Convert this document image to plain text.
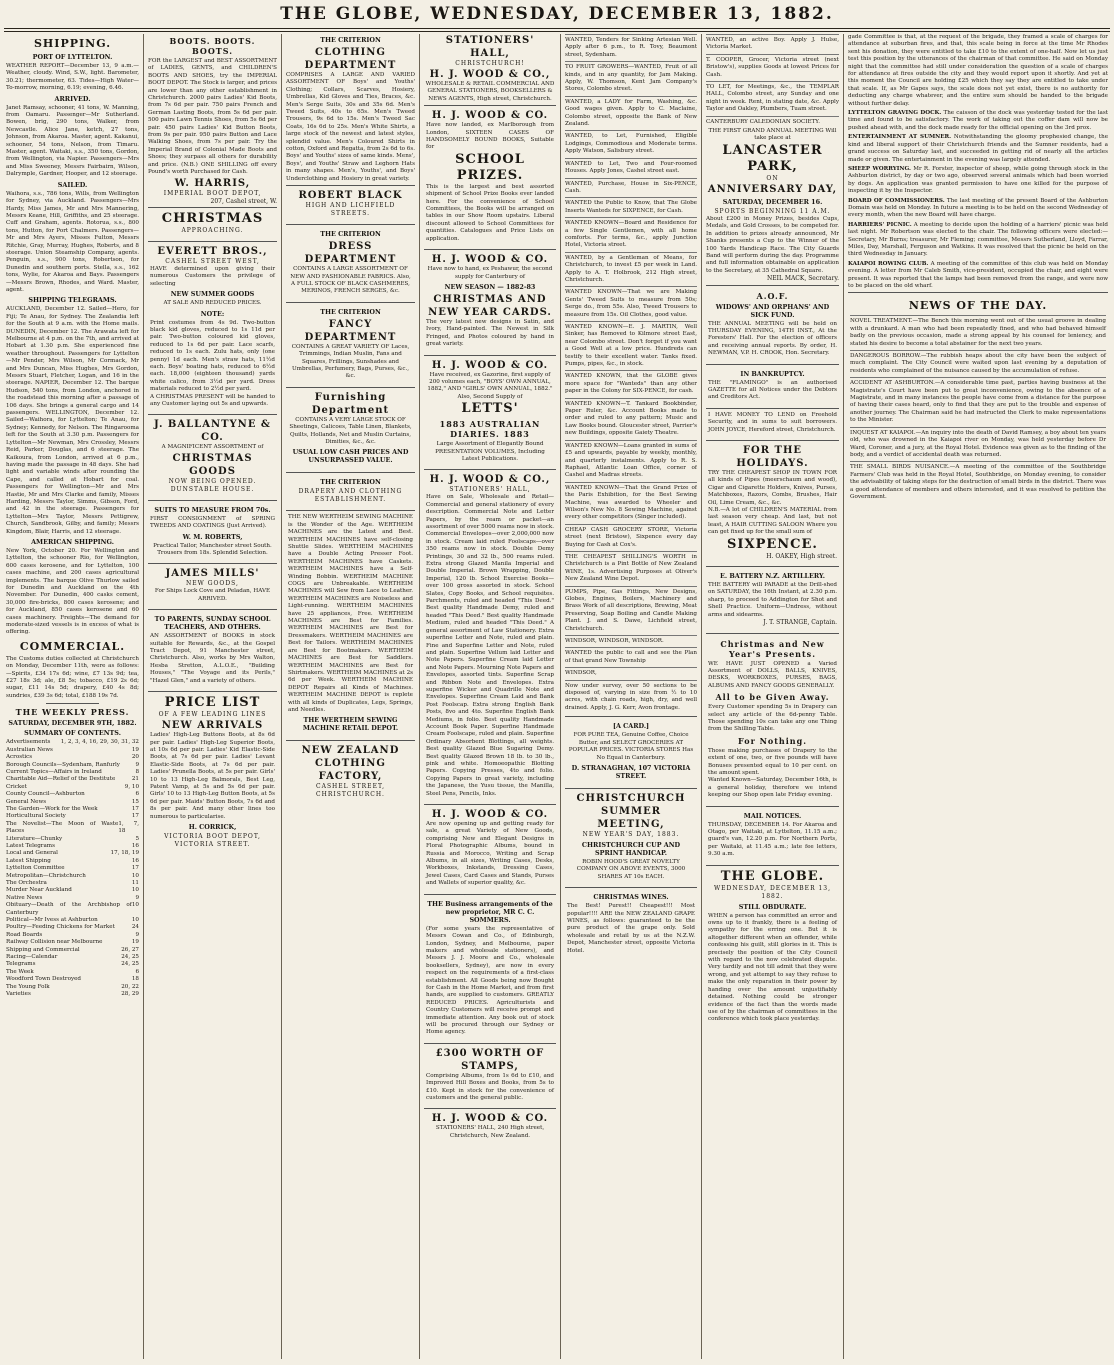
THE GLOBE, WEDNESDAY, DECEMBER 13, 1882.
SHIPPING.
PORT OF LYTTELTON.
WEATHER REPORT—December 13, 9 a.m.—Weather, cloudy. Wind, S.W., light. Barometer, 30.21; thermometer, 63. Tides—High Water—To-morrow, morning, 6.19; evening, 6.46.
ARRIVED.
Janet Ramsay, schooner, 41 tons, W. Manning, from Oamaru. Passenger—Mr Sutherland. Bowen, brig, 290 tons, Walker, from Newcastle. Alice Jane, ketch, 27 tons, Johnson, from Akaroa. Master, agent. Kakanui, schooner, 54 tons, Nelson, from Timaru. Master, agent. Waitaki, s.s., 350 tons, Gordon, from Wellington, via Napier. Passengers—Mrs and Miss Sweeney, Messrs Fairbairn, Wilson, Dalrymple, Gardner, Hooper, and 12 steerage.
SAILED.
Waihora, s.s., 786 tons, Wills, from Wellington for Sydney, via Auckland. Passengers—Mrs Hardy, Miss James, Mr and Mrs Mannering, Messrs Keane, Hill, Griffiths, and 25 steerage. Cuff and Graham, agents. Rotorua, s.s., 800 tons, Hutton, for Port Chalmers. Passengers—Mr and Mrs Ayers, Misses Fulton, Messrs Ritchie, Gray, Murray, Hughes, Roberts, and 8 steerage. Union Steamship Company, agents. Penguin, s.s., 900 tons, Robertson, for Dunedin and southern ports. Stella, s.s., 162 tons, Wylie, for Akaroa and Bays. Passengers—Messrs Brown, Rhodes, and Ward. Master, agent.
SHIPPING TELEGRAMS.
AUCKLAND, December 12. Sailed—Hero, for Fiji; Te Anau, for Sydney. The Zealandia left for the South at 9 a.m. with the Home mails. DUNEDIN, December 12. The Arawata left for Melbourne at 4 p.m. on the 7th, and arrived at Hobart at 1.30 p.m. She experienced fine weather throughout. Passengers for Lyttelton—Mr Pender, Mrs Wilson, Mr Cormack, Mr and Mrs Duncan, Miss Hughes, Mrs Gordon, Messrs Stuart, Fletcher, Logan, and 16 in the steerage. NAPIER, December 12. The barque Hudson, 540 tons, from London, anchored in the roadstead this morning after a passage of 106 days. She brings a general cargo and 14 passengers. WELLINGTON, December 12. Sailed—Waihora, for Lyttelton; Te Anau, for Sydney; Kennedy, for Nelson. The Ringarooma left for the South at 3.30 p.m. Passengers for Lyttelton—Mr Newman, Mrs Crossley, Messrs Reid, Parker, Douglas, and 6 steerage. The Kaikoura, from London, arrived at 6 p.m., having made the passage in 48 days. She had light and variable winds after rounding the Cape, and called at Hobart for coal. Passengers for Wellington—Mr and Mrs Hastie, Mr and Mrs Clarke and family, Misses Harding, Messrs Taylor, Simms, Gibson, Ford, and 42 in the steerage. Passengers for Lyttelton—Mrs Taylor, Messrs Pettigrew, Church, Sandbrook, Gilby, and family; Messrs Kingdom, Blair, Harris, and 12 steerage.
AMERICAN SHIPPING.
New York, October 20. For Wellington and Lyttelton, the schooner Rio, for Wellington, 600 cases kerosene, and for Lyttelton, 100 cases machine, and 200 cases agricultural implements. The barque Olive Thurlow sailed for Dunedin and Auckland on the 4th November. For Dunedin, 400 casks cement, 30,000 fire-bricks, 800 cases kerosene; and for Auckland, 850 cases kerosene and 60 cases machinery. Freights—The demand for moderate-sized vessels is in excess of what is offering.
COMMERCIAL.
The Customs duties collected at Christchurch on Monday, December 11th, were as follows:—Spirits, £34 17s 6d; wine, £7 13s 9d; tea, £27 18s 3d; ale, £8 5s; tobacco, £19 2s 6d; sugar, £11 14s 5d; drapery, £40 4s 8d; sundries, £39 3s 6d; total, £188 19s 7d.
THE WEEKLY PRESS.
SATURDAY, DECEMBER 9TH, 1882.
SUMMARY OF CONTENTS.
Advertisements 1, 2, 3, 4, 16, 29, 30, 31, 32
Australian News	19
Acrostics	20
Borough Councils—Sydenham, Ranfurly	9
Current Topics—Affairs in Ireland	8
Charitable Aid—Relief of the Destitute	21
Cricket	9, 10
County Council—Ashburton	6
General News	15
The Garden—Work for the Week	17
Horticultural Society	17
The Novelist—The Moon of Waste Places
1, 7, 18
Literature—Chunky	5
Latest Telegrams	16
Local and General	17, 18, 19
Latest Shipping	16
Lyttelton Committee	17
Metropolitan—Christchurch	10
The Orchestra	11
Murder Near Auckland	10
Native News	9
Obituary—Death of the Archbishop of Canterbury
10
Political—Mr Ivess at Ashburton	10
Poultry—Feeding Chickens for Market	24
Road Boards	9
Railway Collision near Melbourne	19
Shipping and Commercial	26, 27
Racing—Calendar	24, 25
Telegrams	24, 25
The Week	6
Woodford Town Destroyed	18
The Young Folk	20, 22
Varieties	28, 29
BOOTS. BOOTS. BOOTS.
FOR the LARGEST and BEST ASSORTMENT of LADIES, GENTS, and CHILDREN'S BOOTS AND SHOES, try the IMPERIAL BOOT DEPOT. The Stock is larger, and prices are lower than any other establishment in Christchurch. 2000 pairs Ladies' Kid Boots, from 7s 6d per pair. 750 pairs French and German Lasting Boots, from 5s 6d per pair. 500 pairs Lawn Tennis Shoes, from 5s 6d per pair. 450 pairs Ladies' Kid Button Boots, from 9s per pair. 950 pairs Button and Lace Walking Shoes, from 7s per pair. Try the Imperial Brand of Colonial Made Boots and Shoes; they surpass all others for durability and price. (N.B.) ONE SHILLING off every Pound's worth Purchased for Cash.
W. HARRIS,
IMPERIAL BOOT DEPOT,
207, Cashel street, W.
CHRISTMAS
APPROACHING.
EVERETT BROS.,
CASHEL STREET WEST,
HAVE determined upon giving their numerous Customers the privilege of selecting
NEW SUMMER GOODS
AT SALE AND REDUCED PRICES.
NOTE:
Print costumes from 4s 9d. Two-button black kid gloves, reduced to 1s 11d per pair. Two-button coloured kid gloves, reduced to 1s 6d per pair. Lace scarfs, reduced to 1s each. Zulu hats, only (one penny) 1d each. Men's straw hats, 11½d each. Boys' boating hats, reduced to 6½d each. 18,000 (eighteen thousand) yards white calico, from 3½d per yard. Dress materials reduced to 2½d per yard.
A CHRISTMAS PRESENT will be handed to any Customer laying out 5s and upwards.
J. BALLANTYNE & CO.
A MAGNIFICENT ASSORTMENT of
CHRISTMAS GOODS
NOW BEING OPENED.
DUNSTABLE HOUSE.
SUITS TO MEASURE FROM 70s.
FIRST CONSIGNMENT of SPRING TWEEDS AND COATINGS (Just Arrived).
W. M. ROBERTS,
Practical Tailor, Manchester street South.
Trousers from 18s. Splendid Selection.
JAMES MILLS'
NEW GOODS,
For Ships Lock Cove and Peladan, HAVE ARRIVED.
TO PARENTS, SUNDAY SCHOOL TEACHERS, AND OTHERS.
AN ASSORTMENT of BOOKS in stock suitable for Rewards, &c., at the Gospel Tract Depot, 91 Manchester street, Christchurch. Also, works by Mrs Walton, Hesba Stretton, A.L.O.E., "Building Houses," "The Voyage and its Perils," "Hazel Glen," and a variety of others.
PRICE LIST
OF A FEW LEADING LINES
NEW ARRIVALS
Ladies' High-Leg Buttons Boots, at 8s 6d per pair. Ladies' High-Leg Superior Boots, at 10s 6d per pair. Ladies' Kid Elastic-Side Boots, at 7s 6d per pair. Ladies' Levant Elastic-Side Boots, at 7s 6d per pair. Ladies' Prunella Boots, at 5s per pair. Girls' 10 to 13 High-Leg Balmorals, Best Leg, Patent Vamp, at 5s and 5s 6d per pair. Girls' 10 to 13 High-Leg Button Boots, at 5s 6d per pair. Maids' Button Boots, 7s 6d and 8s per pair. And many other lines too numerous to particularise.
H. CORRICK,
VICTORIA BOOT DEPOT,
VICTORIA STREET.
THE CRITERION
CLOTHING DEPARTMENT
COMPRISES A LARGE AND VARIED ASSORTMENT OF Boys' and Youths' Clothing; Collars, Scarves, Hosiery, Umbrellas, Kid Gloves and Ties, Braces, &c. Men's Serge Suits, 30s and 35s 6d. Men's Tweed Suits, 40s to 65s. Men's Tweed Trousers, 9s 6d to 15s. Men's Tweed Sac Coats, 16s 6d to 25s. Men's White Shirts, a large stock of the newest and latest styles, splendid value. Men's Coloured Shirts in cotton, Oxford and Regatta, from 2s 6d to 6s. Boys' and Youths' sizes of same kinds. Mens', Boys', and Youths' Straw and Leghorn Hats in many shapes. Men's, Youths', and Boys' Underclothing and Hosiery in great variety.
ROBERT BLACK
HIGH AND LICHFIELD STREETS.
THE CRITERION
DRESS DEPARTMENT
CONTAINS A LARGE ASSORTMENT OF NEW AND FASHIONABLE FABRICS. Also, A FULL STOCK OF BLACK CASHMERES, MERINOS, FRENCH SERGES, &c.
THE CRITERION
FANCY DEPARTMENT
CONTAINS A GREAT VARIETY OF Laces, Trimmings, Indian Muslin, Fans and Squares, Frillings, Sunshades and Umbrellas, Perfumery, Bags, Purses, &c., &c.
Furnishing Department
CONTAINS A VERY LARGE STOCK OF Sheetings, Calicoes, Table Linen, Blankets, Quilts, Hollands, Net and Muslin Curtains, Dimities, &c., &c.
USUAL LOW CASH PRICES AND UNSURPASSED VALUE.
THE CRITERION
DRAPERY AND CLOTHING ESTABLISHMENT.
THE NEW WERTHEIM SEWING MACHINE is the Wonder of the Age. WERTHEIM MACHINES are the Latest and Best. WERTHEIM MACHINES have self-closing Shuttle Slides. WERTHEIM MACHINES have a Double Acting Presser Foot. WERTHEIM MACHINES have Caskets. WERTHEIM MACHINES have a Self-Winding Bobbin. WERTHEIM MACHINE COGS are Unbreakable. WERTHEIM MACHINES will Sew from Lace to Leather. WERTHEIM MACHINES are Noiseless and Light-running. WERTHEIM MACHINES have 25 appliances, Free. WERTHEIM MACHINES are Best for Families. WERTHEIM MACHINES are Best for Dressmakers. WERTHEIM MACHINES are Best for Tailors. WERTHEIM MACHINES are Best for Bootmakers. WERTHEIM MACHINES are Best for Saddlers. WERTHEIM MACHINES are Best for Shirtmakers. WERTHEIM MACHINES at 2s 6d per Week. WERTHEIM MACHINE DEPOT Repairs all Kinds of Machines. WERTHEIM MACHINE DEPOT is replete with all kinds of Duplicates, Legs, Springs, and Needles.
THE WERTHEIM SEWING MACHINE RETAIL DEPOT.
NEW ZEALAND CLOTHING FACTORY,
CASHEL STREET, CHRISTCHURCH.
STATIONERS' HALL,
CHRISTCHURCH!
H. J. WOOD & CO.,
WHOLESALE & RETAIL COMMERCIAL AND GENERAL STATIONERS, BOOKSELLERS & NEWS AGENTS, High street, Christchurch.
H. J. WOOD & CO.
Have now landed, ex Marlborough from London, SIXTEEN CASES OF HANDSOMELY BOUND BOOKS, Suitable for
SCHOOL PRIZES.
This is the largest and best assorted shipment of School Prize Books ever landed here. For the convenience of School Committees, the Books will be arranged on tables in our Show Room upstairs. Liberal discount allowed to School Committees for quantities. Catalogues and Price Lists on application.
H. J. WOOD & CO.
Have now to hand, ex Peshawur, the second supply for Canterbury of
NEW SEASON — 1882-83
CHRISTMAS AND NEW YEAR CARDS.
The very latest new designs in Satin, and Ivory, Hand-painted. The Newest in Silk Fringed, and Photos coloured by hand in great variety.
H. J. WOOD & CO.
Have received, ex Gazorine, first supply of 200 volumes each, "BOYS' OWN ANNUAL, 1882," AND "GIRLS' OWN ANNUAL, 1882." Also, Second Supply of
LETTS'
1883 AUSTRALIAN DIARIES. 1883
Large Assortment of Elegantly Bound PRESENTATION VOLUMES, Including Latest Publications.
H. J. WOOD & CO.,
STATIONERS' HALL,
Have on Sale, Wholesale and Retail—Commercial and general stationery of every description. Commercial Note and Letter Papers, by the ream or packet—an assortment of over 5000 reams now in stock. Commercial Envelopes—over 2,000,000 now in stock. Cream laid ruled Foolscaps—over 350 reams now in stock. Double Demy Printings, 30 and 32 lb., 500 reams ruled. Extra strong Glazed Manila Imperial and Double Imperial. Brown Wrapping, Double Imperial, 120 lb. School Exercise Books—over 100 gross assorted in stock. School Slates, Copy Books, and School requisites. Parchments, ruled and headed "This Deed." Best quality Handmade Demy, ruled and headed "This Deed." Best quality Handmade Medium, ruled and headed "This Deed." A general assortment of Law Stationery. Extra superfine Letter and Note, ruled and plain. Fine and Superfine Letter and Note, ruled and plain. Superfine Vellum laid Letter and Note Papers. Superfine Cream laid Letter and Note Papers. Mourning Note Papers and Envelopes, assorted tints. Superfine Scrap and Ribbon Note and Envelopes. Extra superfine Wicker and Quadrille Note and Envelopes. Superfine Cream Laid and Bank Post Foolscap. Extra strong English Bank Posts, 8vo and 4to. Superfine English Bank Mediums, in folio. Best quality Handmade Account Book Paper. Superfine Handmade Cream Foolscape, ruled and plain. Superfine Ordinary Absorbent Blottings, all weights. Best quality Glazed Blue Sugaring Demy. Best quality Glazed Brown 18 lb. to 30 lb., pink and white. Homoeopathic Blotting Papers. Copying Presses, 4to and folio. Copying Papers in great variety, including the Japanese, the Yusu tissue, the Manilla, Steel Pens, Pencils, Inks.
H. J. WOOD & CO.
Are now opening up and getting ready for sale, a great Variety of New Goods, comprising New and Elegant Designs in Floral Photographic Albums, bound in Russia and Morocco, Writing and Scrap Albums, in all sizes, Writing Cases, Desks, Workboxes, Inkstands, Dressing Cases, Jewel Cases, Card Cases and Stands, Purses and Wallets of superior quality, &c.
THE Business arrangements of the new proprietor, MR C. C. SOMMERS.
(For some years the representative of Messrs Cowan and Co., of Edinburgh, London, Sydney, and Melbourne, paper makers and wholesale stationers), and Messrs J. J. Moore and Co., wholesale booksellers, Sydney), are now in every respect on the requirements of a first-class establishment. All Goods being now Bought for Cash in the Home Market, and from first hands, are supplied to customers. GREATLY REDUCED PRICES. Agriculturists and Country Customers will receive prompt and immediate attention. Any book out of stock will be procured through our Sydney or Home agency.
£300 WORTH OF STAMPS,
Comprising Albums, from 1s 6d to £10, and Improved Hill Boxes and Books, from 5s to £10. Kept in stock for the convenience of customers and the general public.
H. J. WOOD & CO.
STATIONERS' HALL, 240 High street, Christchurch, New Zealand.
WANTED, Tenders for Sinking Artesian Well. Apply after 6 p.m., to R. Tovy, Beaumont street, Sydenham.
TO FRUIT GROWERS—WANTED, Fruit of all kinds, and in any quantity, for Jam Making. Apply, W. Thomson, Kent Jam Company's Stores, Colombo street.
WANTED, a LADY for Farm, Washing, &c. Good wages given. Apply to C. Maclaine, Colombo street, opposite the Bank of New Zealand.
WANTED, to Let, Furnished, Eligible Lodgings, Commodious and Moderate terms. Apply Watson, Salisbury street.
WANTED to Let, Two and Four-roomed Houses. Apply Jones, Cashel street east.
WANTED, Purchase, House in Six-PENCE, Cash.
WANTED the Public to Know, that The Globe Inserts Wanteds for SIXPENCE, for Cash.
WANTED KNOWN—Board and Residence for a few Single Gentlemen, with all home comforts. For terms, &c., apply Junction Hotel, Victoria street.
WANTED, by a Gentleman of Means, for Christchurch, to invest £5 per week in Land. Apply to A. T. Holbrook, 212 High street, Christchurch.
WANTED KNOWN—That we are Making Gents' Tweed Suits to measure from 50s; Serge do., from 55s. Also, Tweed Trousers to measure from 15s. Oil Clothes, good value.
WANTED KNOWN—E. J. MARTIN, Well Sinker, has Removed to Kilmore street East, near Colombo street. Don't forget if you want a Good Well at a low price. Hundreds can testify to their excellent water. Tanks fixed. Pumps, pipes, &c., in stock.
WANTED KNOWN, that the GLOBE gives more space for "Wanteds" than any other paper in the Colony for SIX-PENCE, for cash.
WANTED KNOWN—T. Tankard Bookbinder, Paper Ruler, &c. Account Books made to order and ruled to any pattern; Music and Law Books bound. Gloucester street, Parrier's new Buildings, opposite Gaiety Theatre.
WANTED KNOWN—Loans granted in sums of £5 and upwards, payable by weekly, monthly, and quarterly instalments. Apply to R. S. Raphael, Atlantic Loan Office, corner of Cashel and Madras streets.
WANTED KNOWN—That the Grand Prize of the Paris Exhibition, for the Best Sewing Machine, was awarded to Wheeler and Wilson's New No. 8 Sewing Machine, against every other competitors (Singer included).
CHEAP CASH GROCERY STORE, Victoria street (next Bristow), Sixpence every day Buying for Cash at Cox's.
THE CHEAPEST SHILLING'S WORTH in Christchurch is a Pint Bottle of New Zealand WINE, 1s. Advertising Purposes at Oliver's New Zealand Wine Depot.
PUMPS, Pipe, Gas Fittings, New Designs, Globes, Engines, Boilers, Machinery and Brass Work of all descriptions, Brewing, Meat Preserving, Soap Boiling and Candle Making Plant. J. and S. Dawe, Lichfield street, Christchurch.
WINDSOR, WINDSOR, WINDSOR.
WANTED the public to call and see the Plan of that grand New Township
WINDSOR,
Now under survey, over 50 sections to be disposed of, varying in size from ½ to 10 acres, with chain roads, high, dry, and well drained. Apply, J. G. Kerr, Avon frontage.
[A CARD.]
FOR PURE TEA, Genuine Coffee, Choice Butter, and SELECT GROCERIES AT POPULAR PRICES. VICTORIA STORES Has No Equal in Canterbury.
D. STRANAGHAN, 107 VICTORIA STREET.
CHRISTCHURCH SUMMER MEETING,
NEW YEAR'S DAY, 1883.
CHRISTCHURCH CUP AND SPRINT HANDICAP.
ROBIN HOOD'S GREAT NOVELTY COMPANY ON ABOVE EVENTS, 3000 SHARES AT 10s EACH.
CHRISTMAS WINES.
The Best! Purest!! Cheapest!!! Most popular!!!! ARE the NEW ZEALAND GRAPE WINES, as follows: guaranteed to be the pure product of the grape only. Sold wholesale and retail by us at the N.Z.W. Depot, Manchester street, opposite Victoria Hotel.
WANTED, an active Boy. Apply J. Hulse, Victoria Market.
T. COOPER, Grocer, Victoria street (next Bristow's), supplies Goods at lowest Prices for Cash.
TO LET, for Meetings, &c., the TEMPLAR HALL, Colombo street, any Sunday and one night in week. Rent, in stating date, &c. Apply Taylor and Oakley, Plumbers, Tuam street.
CANTERBURY CALEDONIAN SOCIETY.
THE FIRST GRAND ANNUAL MEETING Will take place at
LANCASTER PARK,
ON
ANNIVERSARY DAY,
SATURDAY, DECEMBER 16.
SPORTS BEGINNING 11 A.M.
About £200 in Money Prizes, besides Cups, Medals, and Gold Crosses, to be competed for. In addition to prizes already announced, Mr Shanks presents a Cup to the Winner of the 100 Yards Handicap Race. The City Guards Band will perform during the day. Programme and full information obtainable on application to the Secretary, at 35 Cathedral Square.
NEIL MACK, Secretary.
A.O.F.
WIDOWS' AND ORPHANS' AND SICK FUND.
THE ANNUAL MEETING will be held on THURSDAY EVENING, 14TH INST., At the Foresters' Hall. For the election of officers and receiving annual reports. By order, H. NEWMAN, V.P. H. CROOK, Hon. Secretary.
IN BANKRUPTCY.
THE "FLAMINGO" is an authorised GAZETTE for all Notices under the Debtors and Creditors Act.
I HAVE MONEY TO LEND on Freehold Security, and in sums to suit borrowers. JOHN JOYCE, Hereford street, Christchurch.
FOR THE HOLIDAYS.
TRY THE CHEAPEST SHOP IN TOWN FOR all kinds of Pipes (meerschaum and wood), Cigar and Cigarette Holders, Knives, Purses, Matchboxes, Razors, Combs, Brushes, Hair Oil, Lime Cream, &c., &c.
N.B.—A lot of CHILDREN'S MATERIAL from last season very cheap. And last, but not least, A HAIR CUTTING SALOON Where you can get fixed up for the small sum of
SIXPENCE.
H. OAKEY, High street.
E. BATTERY N.Z. ARTILLERY.
THE BATTERY will PARADE at the Drill-shed on SATURDAY, the 16th Instant, at 2.30 p.m. sharp, to proceed to Addington for Shot and Shell Practice. Uniform—Undress, without arms and sidearms.
J. T. STRANGE, Captain.
Christmas and New Year's Presents.
WE HAVE JUST OPENED a Varied Assortment of DOLLS, BALLS, KNIVES, DESKS, WORKBOXES, PURSES, BAGS, ALBUMS AND FANCY GOODS GENERALLY.
All to be Given Away.
Every Customer spending 5s in Drapery can select any article of the 6d-penny Table. Those spending 10s can take any one Thing from the Shilling Table.
For Nothing.
Those making purchases of Drapery to the extent of one, two, or five pounds will have Bonuses presented equal to 10 per cent. on the amount spent.
Wanted Known—Saturday, December 16th, is a general holiday, therefore we intend keeping our Shop open late Friday evening.
MAIL NOTICES.
THURSDAY, DECEMBER 14. For Akaroa and Otago, per Waitaki, at Lyttelton, 11.15 a.m.; guard's van, 12.20 p.m. For Northern Ports, per Waitaki, at 11.45 a.m.; late fee letters, 9.30 a.m.
THE GLOBE.
WEDNESDAY, DECEMBER 13, 1882.
STILL OBDURATE.
WHEN a person has committed an error and owns up to it frankly, there is a feeling of sympathy for the erring one. But it is altogether different when an offender, while confessing his guilt, still glories in it. This is precisely the position of the City Council with regard to the now celebrated dispute. Very tardily and not till admit that they were wrong, and yet attempt to say they refuse to make the only reparation in their power by handing over the amount unjustifiably detained. Nothing could be stronger evidence of the fact than the words made use of by the chairman of committees in the conference which took place yesterday.
gade Committee is that, at the request of the brigade, they framed a scale of charges for attendance at suburban fires, and that, this scale being in force at the time Mr Rhodes sent his donation, they were entitled to take £10 to the extent of one-half. Now let us just test this position by the utterances of the chairman of that committee. He said on Monday night that the committee had still under consideration the question of a scale of charges for attendance at fires outside the city and they would report upon it shortly. And yet at this moment the Council are holding £25 which they say they are entitled to take under that scale. If, as Mr Gapes says, the scale does not yet exist, there is no authority for deducting any charge whatever, and the entire sum should be handed to the brigade without further delay.
LYTTELTON GRAVING DOCK. The caisson of the dock was yesterday tested for the last time and found to be satisfactory. The work of taking out the coffer dam will now be pushed ahead with, and the dock made ready for the official opening on the 3rd prox.
ENTERTAINMENT AT SUMNER. Notwithstanding the gloomy prophesied change, the kind and liberal support of their Christchurch friends and the Sumner residents, had a grand success on Saturday last, and succeeded in getting rid of nearly all the articles made or given. The entertainment in the evening was largely attended.
SHEEP WORRYING. Mr R. Forster, inspector of sheep, while going through stock in the Ashburton district, by day or two ago, observed several animals which had been worried by dogs. An application was granted permission to have one killed for the purpose of inspecting it by the Inspector.
BOARD OF COMMISSIONERS. The last meeting of the present Board of the Ashburton Domain was held on Monday. In future a meeting is to be held on the second Wednesday of every month, when the new Board will have charge.
HARRIERS' PICNIC. A meeting to decide upon the holding of a harriers' picnic was held last night. Mr Robertson was elected to the chair. The following officers were elected:—Secretary, Mr Burns; treasurer, Mr Fleming; committee, Messrs Sutherland, Lloyd, Farrar, Miles, Day, Marshall, Ferguson and Watkins. It was resolved that the picnic be held on the third Wednesday in January.
KAIAPOI ROWING CLUB. A meeting of the committee of this club was held on Monday evening. A letter from Mr Caleb Smith, vice-president, occupied the chair, and eight were present. It was reported that the lamps had been removed from the range, and were now to be placed on the old wharf.
NEWS OF THE DAY.
NOVEL TREATMENT.—The Bench this morning went out of the usual groove in dealing with a drunkard. A man who had been repeatedly fined, and who had behaved himself badly on the previous occasion, made a strong appeal by his counsel for leniency, and stated his desire to become a total abstainer for the next two years.
DANGEROUS BORROW.—The rubbish heaps about the city have been the subject of much complaint. The City Council were waited upon last evening by a deputation of residents who complained of the nuisance caused by the accumulation of refuse.
ACCIDENT AT ASHBURTON.—A considerable time past, parties having business at the Magistrate's Court have been put to great inconvenience, owing to the absence of a Magistrate, and in many instances the people have come from a distance for the purpose of having their cases heard, only to find that they are put to the trouble and expense of another journey. The Chairman said he had instructed the Clerk to make representations to the Minister.
INQUEST AT KAIAPOI.—An inquiry into the death of David Ramsey, a boy about ten years old, who was drowned in the Kaiapoi river on Monday, was held yesterday before Dr Ward, Coroner, and a jury, at the Royal Hotel. Evidence was given as to the finding of the body, and a verdict of accidental death was returned.
THE SMALL BIRDS NUISANCE.—A meeting of the committee of the Southbridge Farmers' Club was held in the Royal Hotel, Southbridge, on Monday evening, to consider the advisability of taking steps for the destruction of small birds in the district. There was a good attendance of members and others interested, and it was resolved to petition the Government.
